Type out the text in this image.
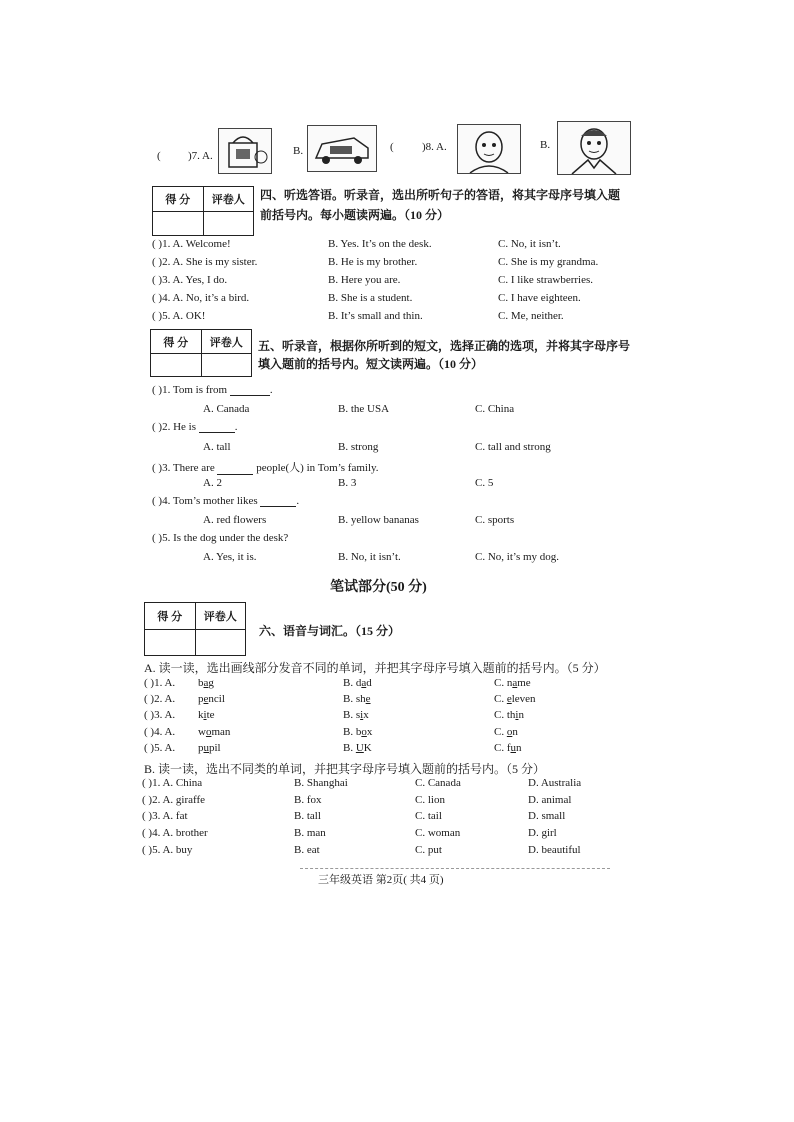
( )7. A.	B.	(	)8. A.	B.
得 分	评卷人	四、听选答语。听录音，选出所听句子的答语，将其字母序号填入题
前括号内。每小题读两遍。（10 分）
( )1. A. Welcome!	B. Yes. It’s on the desk.	C. No, it isn’t.
( )2. A. She is my sister.	B. He is my brother.	C. She is my grandma.
( )3. A. Yes, I do.	B. Here you are.	C. I like strawberries.
( )4. A. No, it’s a bird.	B. She is a student.	C. I have eighteen.
( )5. A. OK!	B. It’s small and thin.	C. Me, neither.
得 分	评卷人	五、听录音，根据你所听到的短文，选择正确的选项，并将其字母序号
填入题前的括号内。短文读两遍。（10 分）
( )1. Tom is from	.
A. Canada	B. the USA	C. China
( )2. He is	.
A. tall	B. strong	C. tall and strong
( )3. There are	people(人) in Tom’s family.
A. 2	B. 3	C. 5
( )4. Tom’s mother likes	.
A. red flowers	B. yellow bananas	C. sports
( )5. Is the dog under the desk?
A. Yes, it is.	B. No, it isn’t.	C. No, it’s my dog.
笔试部分(50 分)
得 分	评卷人
六、语音与词汇。（15 分）
A. 读一读，选出画线部分发音不同的单词，并把其字母序号填入题前的括号内。（5 分）
( )1. A. bag	B. dad	C. name
( )2. A. pencil	B. she	C. eleven
( )3. A. kite	B. six	C. thin
( )4. A. woman	B. box	C. on
( )5. A. pupil	B. UK	C. fun
B. 读一读，选出不同类的单词，并把其字母序号填入题前的括号内。（5 分）
( )1. A. China	B. Shanghai	C. Canada	D. Australia
( )2. A. giraffe	B. fox	C. lion	D. animal
( )3. A. fat	B. tall	C. tail	D. small
( )4. A. brother	B. man	C. woman	D. girl
( )5. A. buy	B. eat	C. put	D. beautiful
三年级英语 第2页( 共4 页)
